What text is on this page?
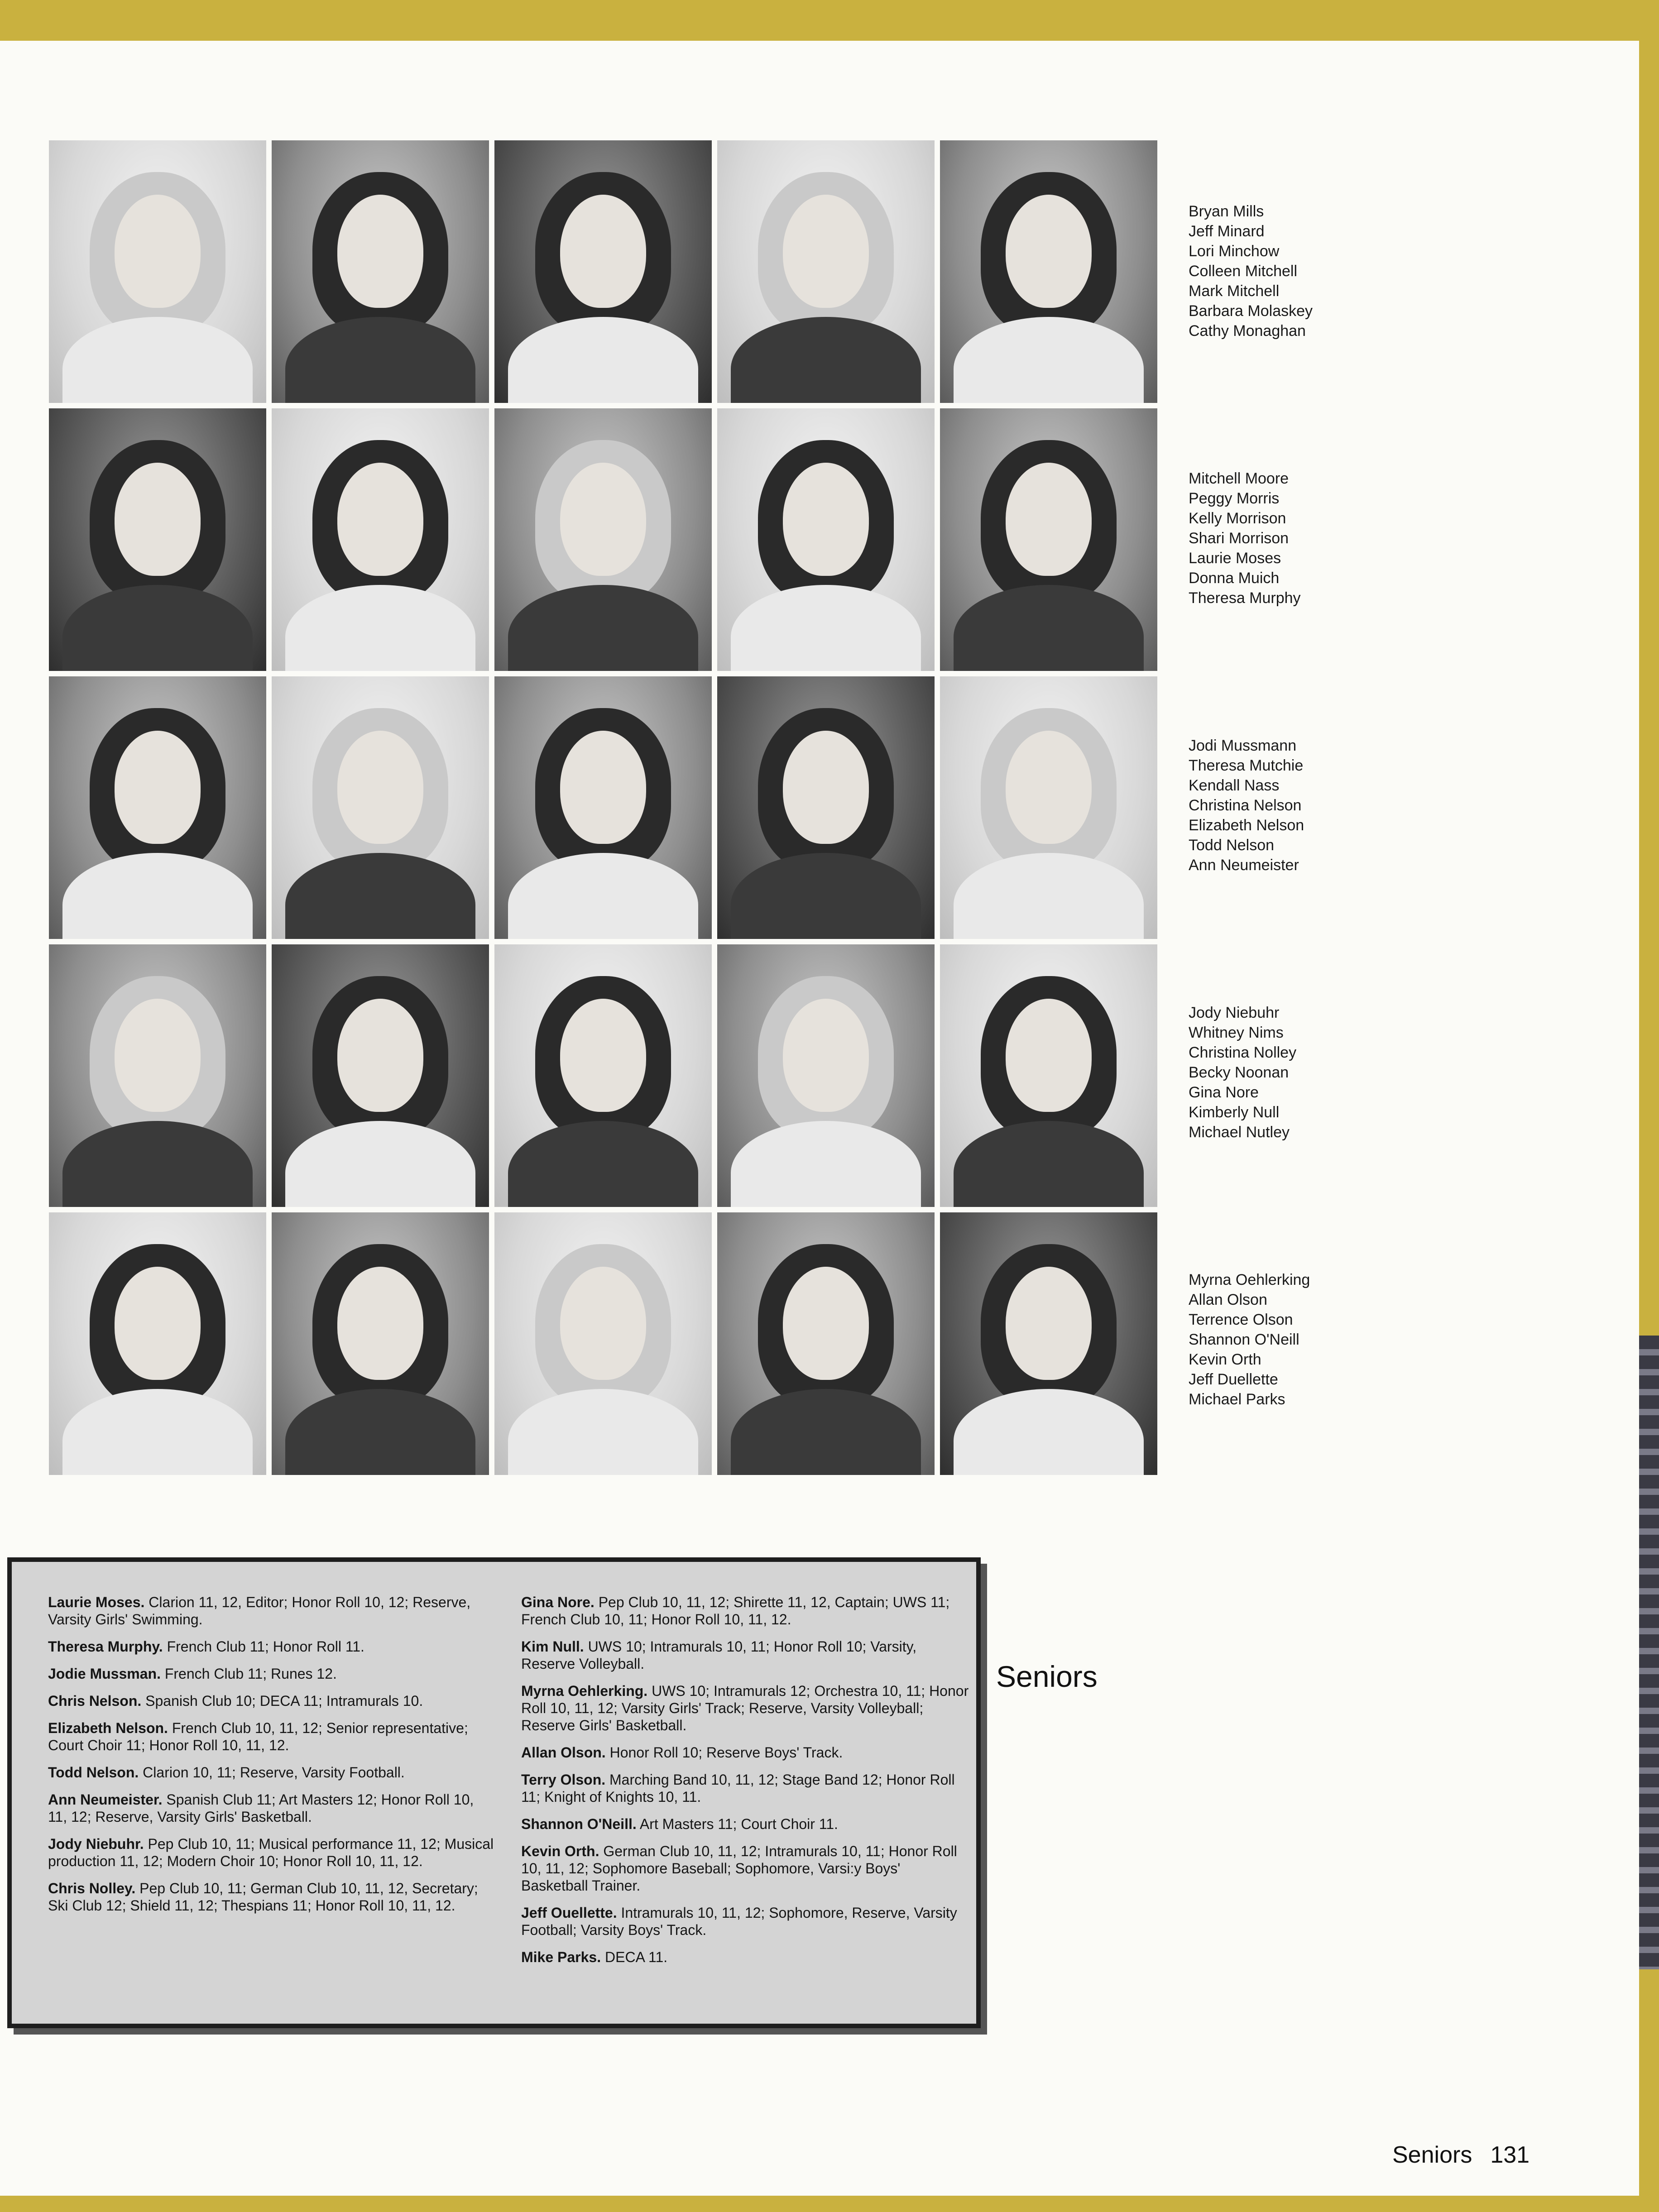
Bryan Mills
Jeff Minard
Lori Minchow
Colleen Mitchell
Mark Mitchell
Barbara Molaskey
Cathy Monaghan
Mitchell Moore
Peggy Morris
Kelly Morrison
Shari Morrison
Laurie Moses
Donna Muich
Theresa Murphy
Jodi Mussmann
Theresa Mutchie
Kendall Nass
Christina Nelson
Elizabeth Nelson
Todd Nelson
Ann Neumeister
Jody Niebuhr
Whitney Nims
Christina Nolley
Becky Noonan
Gina Nore
Kimberly Null
Michael Nutley
Myrna Oehlerking
Allan Olson
Terrence Olson
Shannon O'Neill
Kevin Orth
Jeff Duellette
Michael Parks
Laurie Moses. Clarion 11, 12, Editor; Honor Roll 10, 12; Reserve, Varsity Girls' Swimming.
Theresa Murphy. French Club 11; Honor Roll 11.
Jodie Mussman. French Club 11; Runes 12.
Chris Nelson. Spanish Club 10; DECA 11; Intramurals 10.
Elizabeth Nelson. French Club 10, 11, 12; Senior representative; Court Choir 11; Honor Roll 10, 11, 12.
Todd Nelson. Clarion 10, 11; Reserve, Varsity Football.
Ann Neumeister. Spanish Club 11; Art Masters 12; Honor Roll 10, 11, 12; Reserve, Varsity Girls' Basketball.
Jody Niebuhr. Pep Club 10, 11; Musical performance 11, 12; Musical production 11, 12; Modern Choir 10; Honor Roll 10, 11, 12.
Chris Nolley. Pep Club 10, 11; German Club 10, 11, 12, Secretary; Ski Club 12; Shield 11, 12; Thespians 11; Honor Roll 10, 11, 12.
Gina Nore. Pep Club 10, 11, 12; Shirette 11, 12, Captain; UWS 11; French Club 10, 11; Honor Roll 10, 11, 12.
Kim Null. UWS 10; Intramurals 10, 11; Honor Roll 10; Varsity, Reserve Volleyball.
Myrna Oehlerking. UWS 10; Intramurals 12; Orchestra 10, 11; Honor Roll 10, 11, 12; Varsity Girls' Track; Reserve, Varsity Volleyball; Reserve Girls' Basketball.
Allan Olson. Honor Roll 10; Reserve Boys' Track.
Terry Olson. Marching Band 10, 11, 12; Stage Band 12; Honor Roll 11; Knight of Knights 10, 11.
Shannon O'Neill. Art Masters 11; Court Choir 11.
Kevin Orth. German Club 10, 11, 12; Intramurals 10, 11; Honor Roll 10, 11, 12; Sophomore Baseball; Sophomore, Varsi:y Boys' Basketball Trainer.
Jeff Ouellette. Intramurals 10, 11, 12; Sophomore, Reserve, Varsity Football; Varsity Boys' Track.
Mike Parks. DECA 11.
Seniors
Seniors 131
